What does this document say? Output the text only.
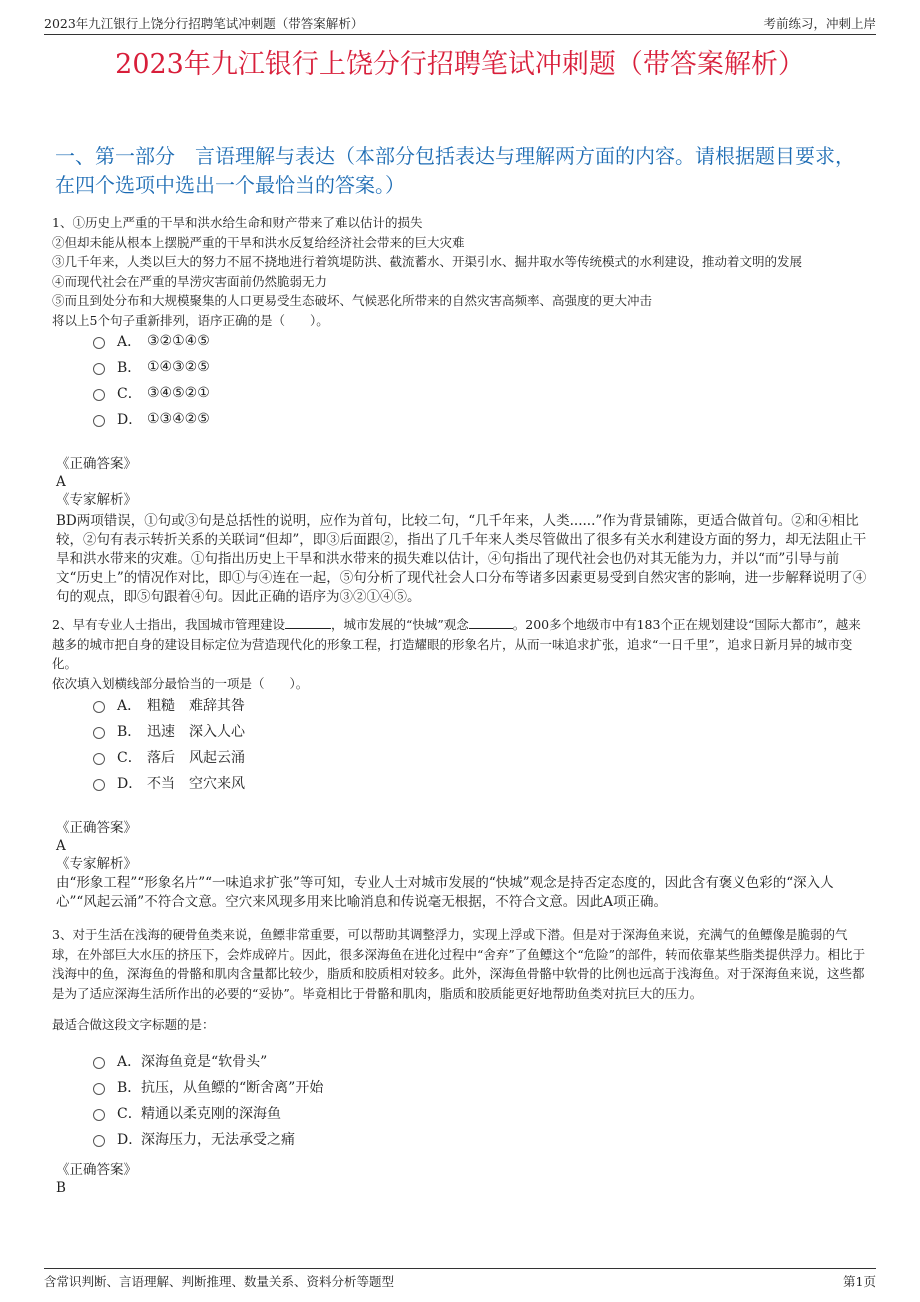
2023年九江银行上饶分行招聘笔试冲刺题（带答案解析）	考前练习，冲刺上岸
2023年九江银行上饶分行招聘笔试冲刺题（带答案解析）
一、第一部分　言语理解与表达（本部分包括表达与理解两方面的内容。请根据题目要求，在四个选项中选出一个最恰当的答案。）

1、①历史上严重的干旱和洪水给生命和财产带来了难以估计的损失

②但却未能从根本上摆脱严重的干旱和洪水反复给经济社会带来的巨大灾难

③几千年来，人类以巨大的努力不屈不挠地进行着筑堤防洪、截流蓄水、开渠引水、掘井取水等传统模式的水利建设，推动着文明的发展

④而现代社会在严重的旱涝灾害面前仍然脆弱无力

⑤而且到处分布和大规模聚集的人口更易受生态破坏、气候恶化所带来的自然灾害高频率、高强度的更大冲击

将以上5个句子重新排列，语序正确的是（　　）。

A． ③②①④⑤
B． ①④③②⑤
C． ③④⑤②①
D． ①③④②⑤

《正确答案》

A

《专家解析》

BD两项错误，①句或③句是总括性的说明，应作为首句，比较二句，“几千年来，人类......”作为背景铺陈，更适合做首句。②和④相比较，②句有表示转折关系的关联词“但却”，即③后面跟②，指出了几千年来人类尽管做出了很多有关水利建设方面的努力，却无法阻止干旱和洪水带来的灾难。①句指出历史上干旱和洪水带来的损失难以估计，④句指出了现代社会也仍对其无能为力，并以“而”引导与前文“历史上”的情况作对比，即①与④连在一起，⑤句分析了现代社会人口分布等诸多因素更易受到自然灾害的影响，进一步解释说明了④句的观点，即⑤句跟着④句。因此正确的语序为③②①④⑤。

2、早有专业人士指出，我国城市管理建设	，城市发展的“快城”观念	。200多个地级市中有183个正在规划建设“国际大都市”，越来越多的城市把自身的建设目标定位为营造现代化的形象工程，打造耀眼的形象名片，从而一味追求扩张，追求“一日千里”，追求日新月异的城市变化。

依次填入划横线部分最恰当的一项是（　　）。

A． 粗糙　难辞其咎
B． 迅速　深入人心
C． 落后　风起云涌
D． 不当　空穴来风

《正确答案》

A

《专家解析》

由“形象工程”“形象名片”“一味追求扩张”等可知，专业人士对城市发展的“快城”观念是持否定态度的，因此含有褒义色彩的“深入人心”“风起云涌”不符合文意。空穴来风现多用来比喻消息和传说毫无根据，不符合文意。因此A项正确。

3、对于生活在浅海的硬骨鱼类来说，鱼鳔非常重要，可以帮助其调整浮力，实现上浮或下潜。但是对于深海鱼来说，充满气的鱼鳔像是脆弱的气球，在外部巨大水压的挤压下，会炸成碎片。因此，很多深海鱼在进化过程中“舍弃”了鱼鳔这个“危险”的部件，转而依靠某些脂类提供浮力。相比于浅海中的鱼，深海鱼的骨骼和肌肉含量都比较少，脂质和胶质相对较多。此外，深海鱼骨骼中软骨的比例也远高于浅海鱼。对于深海鱼来说，这些都是为了适应深海生活所作出的必要的“妥协”。毕竟相比于骨骼和肌肉，脂质和胶质能更好地帮助鱼类对抗巨大的压力。

最适合做这段文字标题的是：

A． 深海鱼竟是“软骨头”
B． 抗压，从鱼鳔的“断舍离”开始
C． 精通以柔克刚的深海鱼
D．
深海压力，无法承受之痛

《正确答案》

B

含常识判断、言语理解、判断推理、数量关系、资料分析等题型	第1页
